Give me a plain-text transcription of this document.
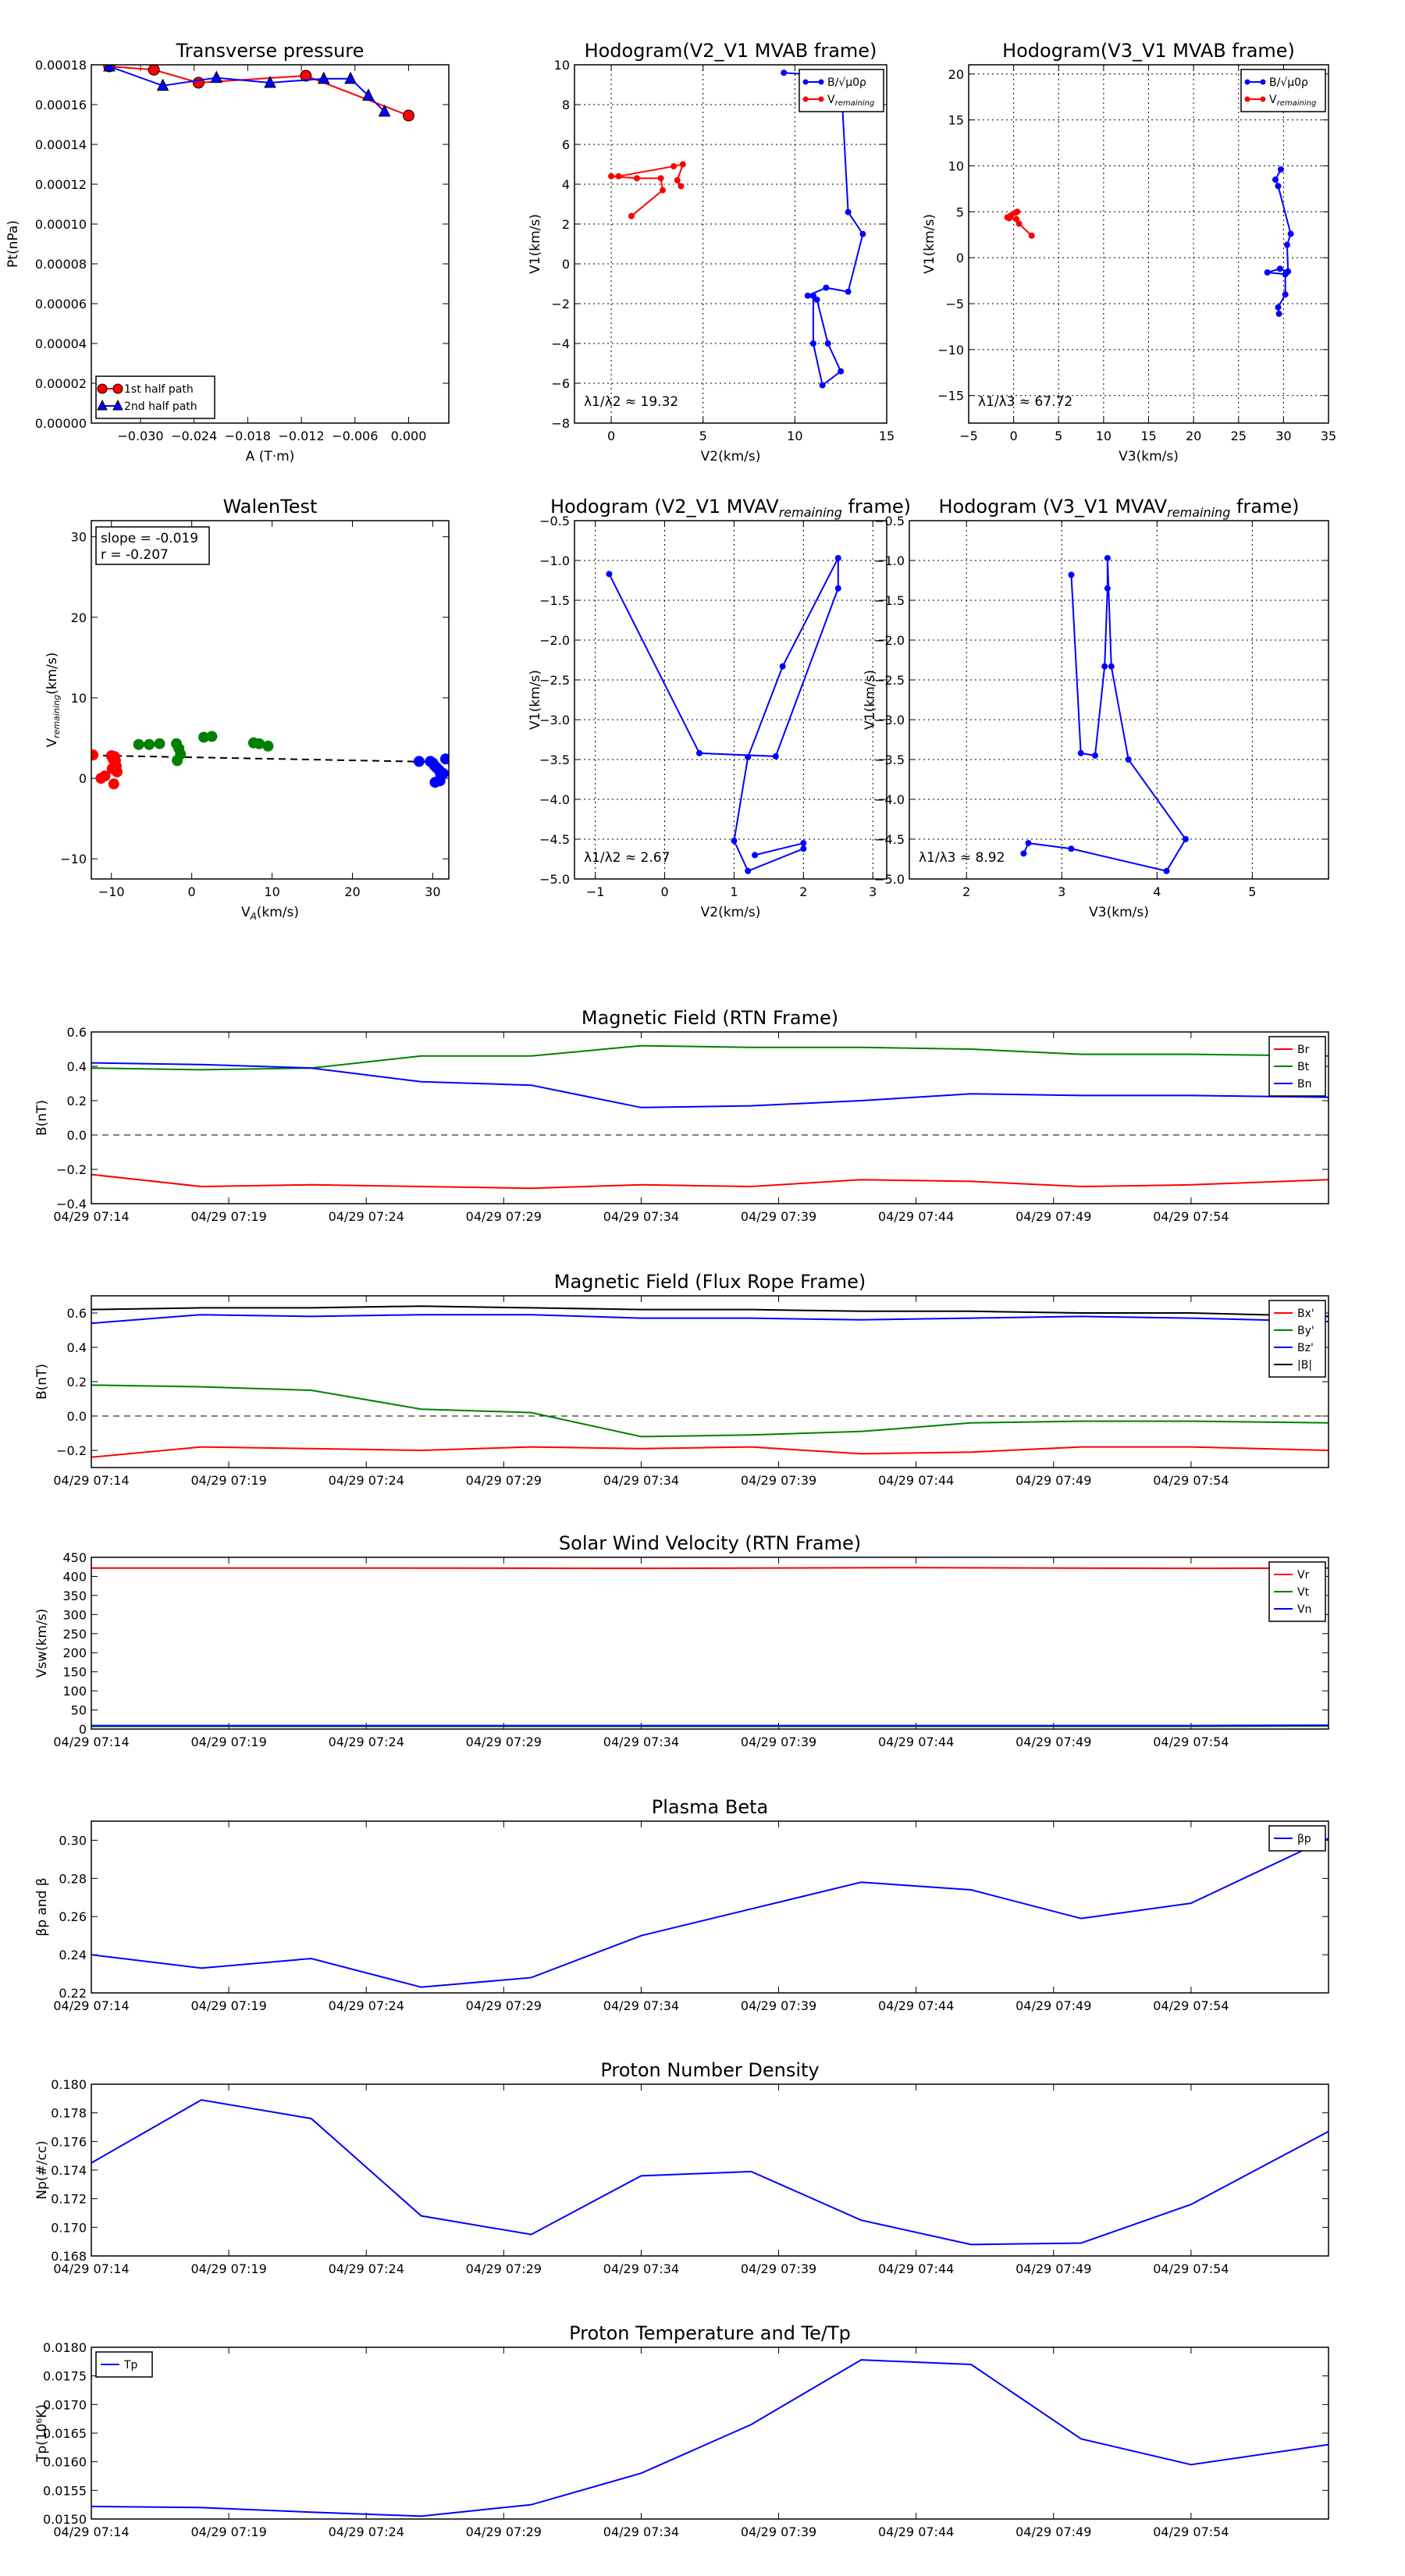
Transverse pressure
−0.030 −0.024 −0.018 −0.012 −0.006 0.000
0.00000
0.00002
0.00004
0.00006
0.00008
0.00010
0.00012
0.00014
0.00016
0.00018
A (T·m)
Pt(nPa)
1st half path
2nd half path
Hodogram(V2_V1 MVAB frame)
0	5	10	15
−8
−6
−4
−2
0
2
4
6
8
10
V2(km/s)
V1(km/s)
λ1/λ2 ≈ 19.32
B/√μ0ρ
$V_{remaining}$
Hodogram(V3_V1 MVAB frame)
−5	0	5	10 15 20 25 30 35
−15
−10
−5
0
5
10
15
20
V3(km/s)
V1(km/s)
λ1/λ3 ≈ 67.72
B/√μ0ρ
$V_{remaining}$
WalenTest
−10	0	10	20	30
−10
0
10
20
30
$V_A(km/s)$
$V_{remaining}(km/s)$
slope = -0.019
r = -0.207
Hodogram (V2_V1 $MVAV_{remaining}$ frame)
−1	0	1	2	3
−5.0
−4.5
−4.0
−3.5
−3.0
−2.5
−2.0
−1.5
−1.0
−0.5
V2(km/s)
V1(km/s)
λ1/λ2 ≈ 2.67
Hodogram (V3_V1 $MVAV_{remaining}$ frame)
2	3	4	5
−5.0
−4.5
−4.0
−3.5
−3.0
−2.5
−2.0
−1.5
−1.0
−0.5
V3(km/s)
V1(km/s)
λ1/λ3 ≈ 8.92
Magnetic Field (RTN Frame)
04/29 07:14	04/29 07:19	04/29 07:24	04/29 07:29	04/29 07:34	04/29 07:39	04/29 07:44	04/29 07:49	04/29 07:54
−0.4
−0.2
0.0
0.2
0.4
0.6
B(nT)
Br
Bt
Bn
Magnetic Field (Flux Rope Frame)
04/29 07:14	04/29 07:19	04/29 07:24	04/29 07:29	04/29 07:34	04/29 07:39	04/29 07:44	04/29 07:49	04/29 07:54
−0.2
0.0
0.2
0.4
0.6
B(nT)
Bx'
By'
Bz'
|B|
Solar Wind Velocity (RTN Frame)
04/29 07:14	04/29 07:19	04/29 07:24	04/29 07:29	04/29 07:34	04/29 07:39	04/29 07:44	04/29 07:49	04/29 07:54
0
50
100
150
200
250
300
350
400
450
Vsw(km/s)
Vr
Vt
Vn
Plasma Beta
04/29 07:14	04/29 07:19	04/29 07:24	04/29 07:29	04/29 07:34	04/29 07:39	04/29 07:44	04/29 07:49	04/29 07:54
0.22
0.24
0.26
0.28
0.30
βp and β
βp
Proton Number Density
04/29 07:14	04/29 07:19	04/29 07:24	04/29 07:29	04/29 07:34	04/29 07:39	04/29 07:44	04/29 07:49	04/29 07:54
0.168
0.170
0.172
0.174
0.176
0.178
0.180
Np(#/cc)
Proton Temperature and Te/Tp
04/29 07:14	04/29 07:19	04/29 07:24	04/29 07:29	04/29 07:34	04/29 07:39	04/29 07:44	04/29 07:49	04/29 07:54
0.0150
0.0155
0.0160
0.0165
0.0170
0.0175
0.0180
Tp(10⁶K)
Tp
